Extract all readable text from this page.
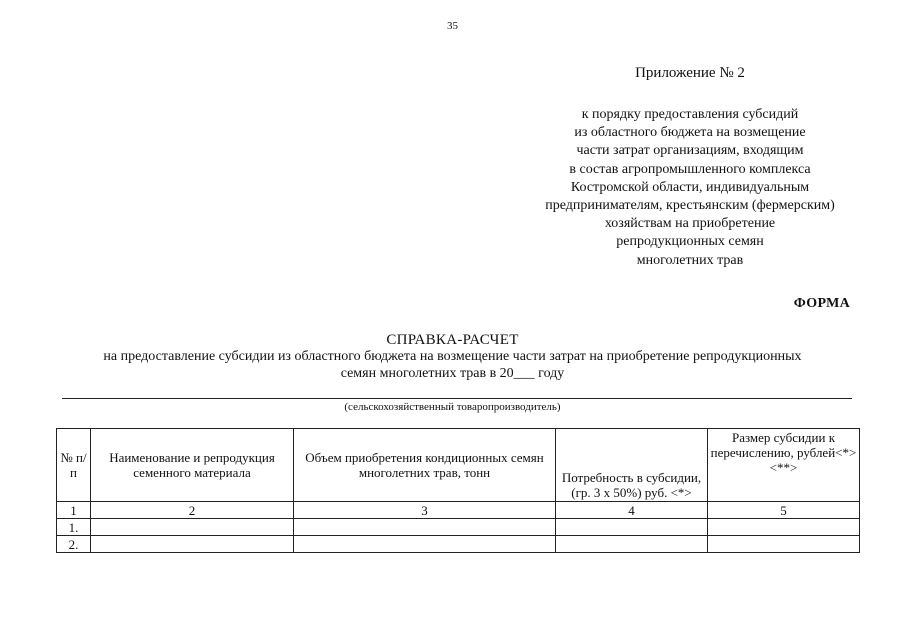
35
Приложение № 2
к порядку предоставления субсидий
из областного бюджета на возмещение
части затрат организациям, входящим
в состав агропромышленного комплекса
Костромской области, индивидуальным
предпринимателям, крестьянским (фермерским)
хозяйствам на приобретение
репродукционных семян
многолетних трав
ФОРМА
СПРАВКА-РАСЧЕТ
на предоставление субсидии из областного бюджета на возмещение части затрат на приобретение репродукционных
семян многолетних трав в 20___ году
(сельскохозяйственный товаропроизводитель)
№ п/п	Наименование и репродукция семенного материала	Объем приобретения кондиционных семян многолетних трав, тонн	Потребность в субсидии, (гр. 3 х 50%) руб. <*>	Размер субсидии к перечислению, рублей<*> <**>
1	2	3	4	5
1.				
2.				
